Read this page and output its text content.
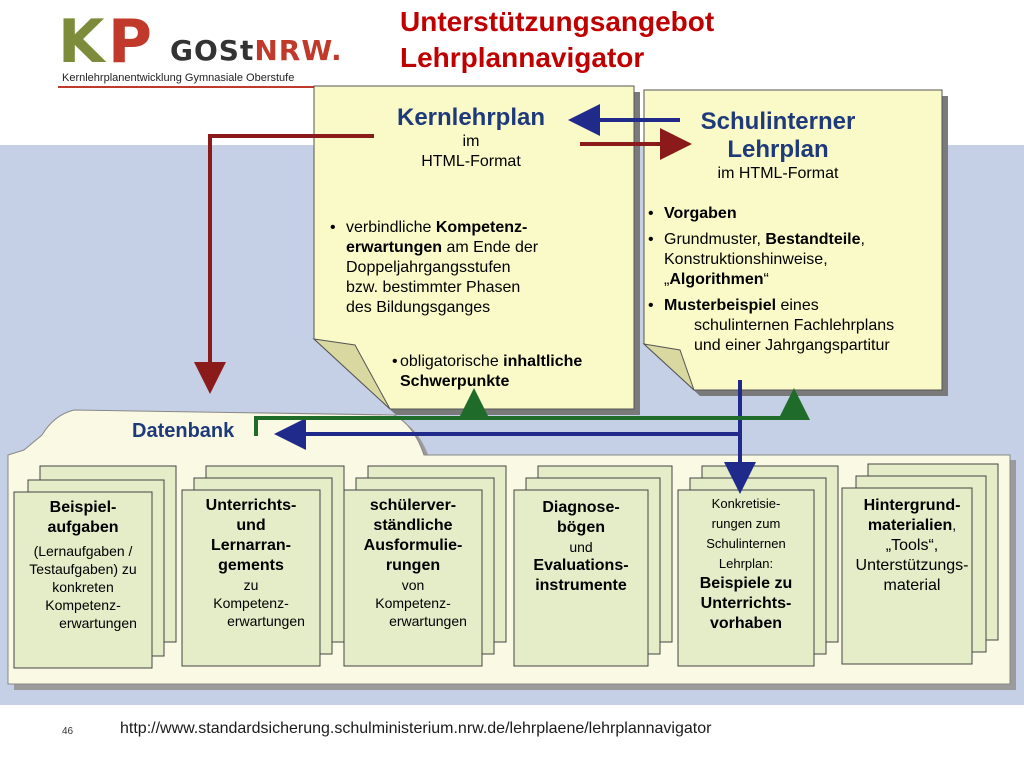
K P GOStNRW.
Kernlehrplanentwicklung Gymnasiale Oberstufe
Unterstützungsangebot
Lehrplannavigator
Kernlehrplan
im
HTML-Format
• verbindliche Kompetenz-
erwartungen am Ende der
Doppeljahrgangsstufen
bzw. bestimmter Phasen
des Bildungsganges
• obligatorische inhaltliche
Schwerpunkte
Schulinterner
Lehrplan
im HTML-Format
• Vorgaben
• Grundmuster, Bestandteile,
Konstruktionshinweise,
„Algorithmen“
• Musterbeispiel eines
schulinternen Fachlehrplans
und einer Jahrgangspartitur
Datenbank
Beispiel-
aufgaben
(Lernaufgaben /
Testaufgaben) zu
konkreten
Kompetenz-
erwartungen
Unterrichts-
und
Lernarran-
gements
zu
Kompetenz-
erwartungen
schülerver-
ständliche
Ausformulie-
rungen
von
Kompetenz-
erwartungen
Diagnose-
bögen
und
Evaluations-
instrumente
Konkretisie-
rungen zum
Schulinternen
Lehrplan:
Beispiele zu
Unterrichts-
vorhaben
Hintergrund-
materialien,
„Tools“,
Unterstützungs-
material
46	http://www.standardsicherung.schulministerium.nrw.de/lehrplaene/lehrplannavigator
